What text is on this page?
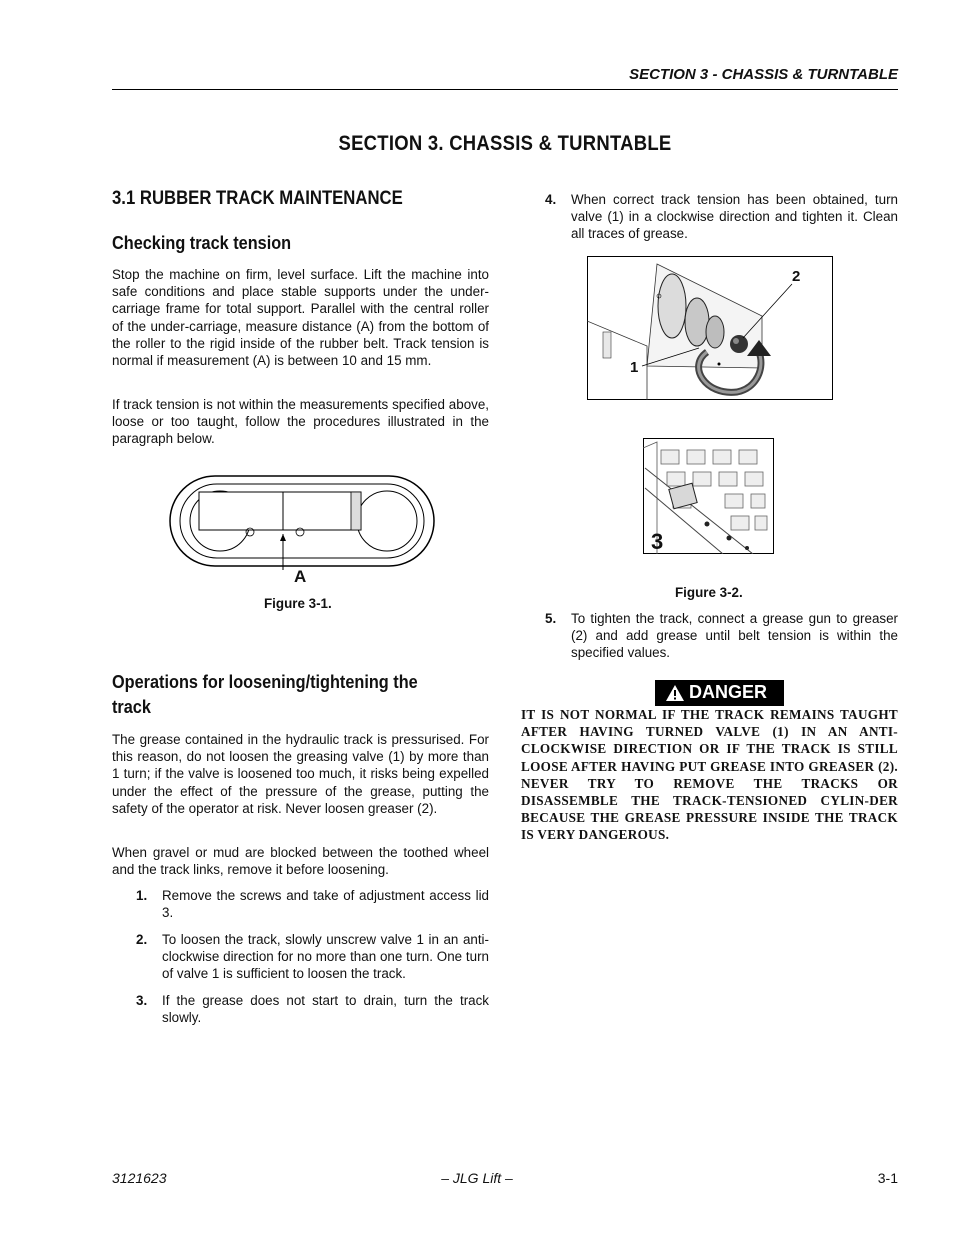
SECTION 3 - CHASSIS & TURNTABLE
SECTION 3. CHASSIS & TURNTABLE
3.1 RUBBER TRACK MAINTENANCE
Checking track tension
Stop the machine on firm, level surface. Lift the machine into safe conditions and place stable supports under the under-carriage frame for total support. Parallel with the central roller of the under-carriage, measure distance (A) from the bottom of the roller to the rigid inside of the rubber belt. Track tension is normal if measurement (A) is between 10 and 15 mm.
If track tension is not within the measurements specified above, loose or too taught, follow the procedures illustrated in the paragraph below.
A
Figure 3-1.
Operations for loosening/tightening the track
The grease contained in the hydraulic track is pressurised. For this reason, do not loosen the greasing valve (1) by more than 1 turn; if the valve is loosened too much, it risks being expelled under the effect of the pressure of the grease, putting the safety of the operator at risk. Never loosen greaser (2).
When gravel or mud are blocked between the toothed wheel and the track links, remove it before loosening.
1. Remove the screws and take of adjustment access lid 3.
2. To loosen the track, slowly unscrew valve 1 in an anti-clockwise direction for no more than one turn. One turn of valve 1 is sufficient to loosen the track.
3. If the grease does not start to drain, turn the track slowly.
4. When correct track tension has been obtained, turn valve (1) in a clockwise direction and tighten it. Clean all traces of grease.
2
1
3
Figure 3-2.
5. To tighten the track, connect a grease gun to greaser (2) and add grease until belt tension is within the specified values.
DANGER
IT IS NOT NORMAL IF THE TRACK REMAINS TAUGHT AFTER HAVING TURNED VALVE (1) IN AN ANTI-CLOCKWISE DIRECTION OR IF THE TRACK IS STILL LOOSE AFTER HAVING PUT GREASE INTO GREASER (2). NEVER TRY TO REMOVE THE TRACKS OR DISASSEMBLE THE TRACK-TENSIONED CYLIN-DER BECAUSE THE GREASE PRESSURE INSIDE THE TRACK IS VERY DANGEROUS.
3121623	– JLG Lift –	3-1
